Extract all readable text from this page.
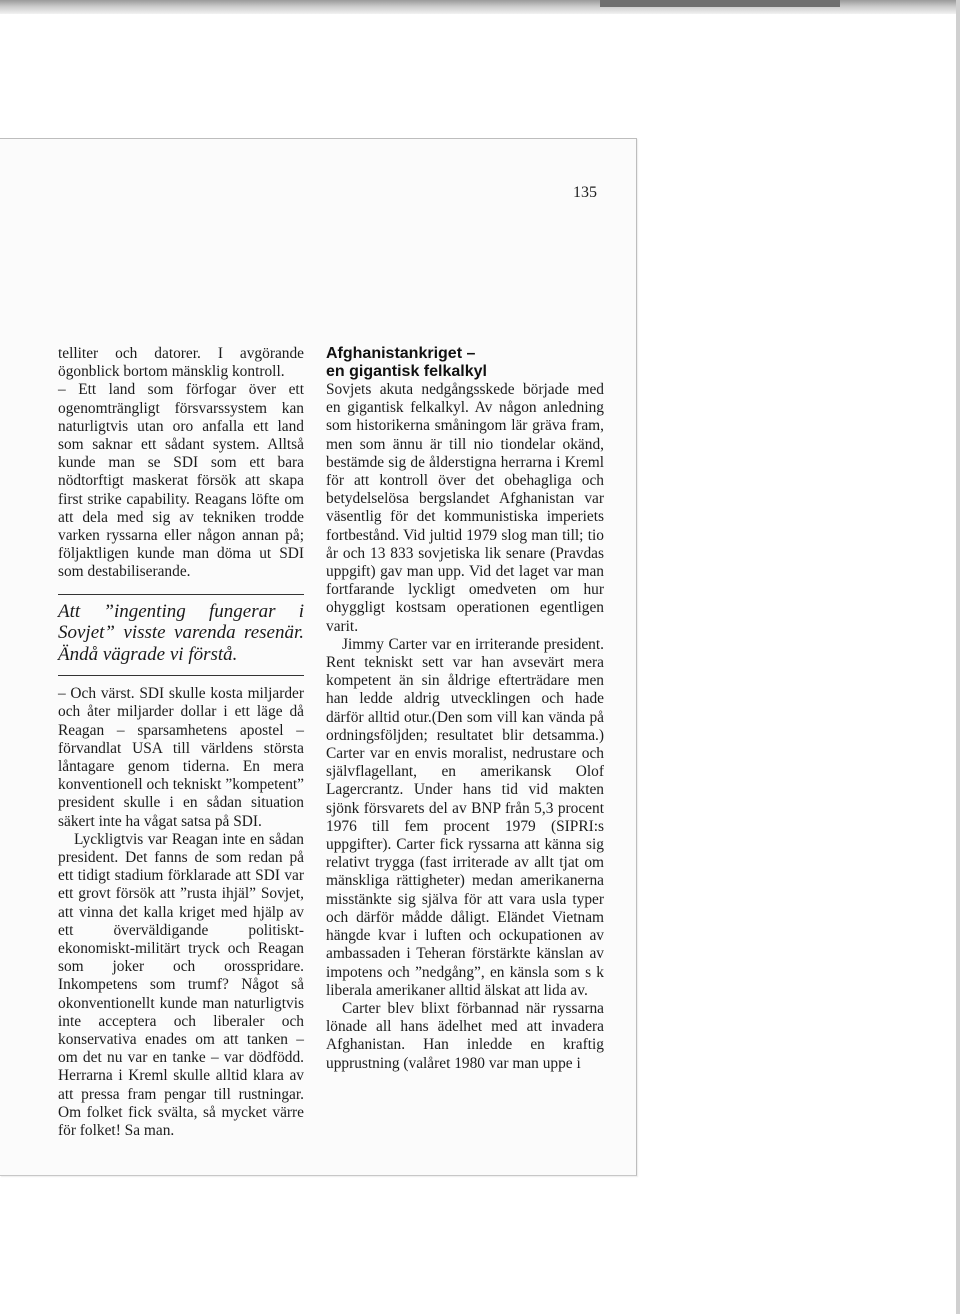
135

telliter och datorer. I avgörande ögonblick bortom mänsklig kontroll.

– Ett land som förfogar över ett ogenomträngligt försvarssystem kan naturligtvis utan oro anfalla ett land som saknar ett sådant system. Alltså kunde man se SDI som ett bara nödtorftigt maskerat försök att skapa first strike capability. Reagans löfte om att dela med sig av tekniken trodde varken ryssarna eller någon annan på; följaktligen kunde man döma ut SDI som destabiliserande.

Att ”ingenting fungerar i Sovjet” visste varenda resenär. Ändå vägrade vi förstå.

– Och värst. SDI skulle kosta miljarder och åter miljarder dollar i ett läge då Reagan – sparsamhetens apostel – förvandlat USA till världens största låntagare genom tiderna. En mera konventionell och tekniskt ”kompetent” president skulle i en sådan situation säkert inte ha vågat satsa på SDI.

Lyckligtvis var Reagan inte en sådan president. Det fanns de som redan på ett tidigt stadium förklarade att SDI var ett grovt försök att ”rusta ihjäl” Sovjet, att vinna det kalla kriget med hjälp av ett överväldigande politiskt-ekonomiskt-militärt tryck och Reagan som joker och orosspridare. Inkompetens som trumf? Något så okonventionellt kunde man naturligtvis inte acceptera och liberaler och konservativa enades om att tanken – om det nu var en tanke – var dödfödd. Herrarna i Kreml skulle alltid klara av att pressa fram pengar till rustningar. Om folket fick svälta, så mycket värre för folket! Sa man.

Afghanistankriget –

en gigantisk felkalkyl

Sovjets akuta nedgångsskede började med en gigantisk felkalkyl. Av någon anledning som historikerna småningom lär gräva fram, men som ännu är till nio tiondelar okänd, bestämde sig de ålderstigna herrarna i Kreml för att kontroll över det obehagliga och betydelselösa bergslandet Afghanistan var väsentlig för det kommunistiska imperiets fortbestånd. Vid jultid 1979 slog man till; tio år och 13 833 sovjetiska lik senare (Pravdas uppgift) gav man upp. Vid det laget var man fortfarande lyckligt omedveten om hur ohyggligt kostsam operationen egentligen varit.

Jimmy Carter var en irriterande president. Rent tekniskt sett var han avsevärt mera kompetent än sin åldrige efterträdare men han ledde aldrig utvecklingen och hade därför alltid otur.(Den som vill kan vända på ordningsföljden; resultatet blir detsamma.) Carter var en envis moralist, nedrustare och självflagellant, en amerikansk Olof Lagercrantz. Under hans tid vid makten sjönk försvarets del av BNP från 5,3 procent 1976 till fem procent 1979 (SIPRI:s uppgifter). Carter fick ryssarna att känna sig relativt trygga (fast irriterade av allt tjat om mänskliga rättigheter) medan amerikanerna misstänkte sig själva för att vara usla typer och därför mådde dåligt. Eländet Vietnam hängde kvar i luften och ockupationen av ambassaden i Teheran förstärkte känslan av impotens och ”nedgång”, en känsla som s k liberala amerikaner alltid älskat att lida av.

Carter blev blixt förbannad när ryssarna lönade all hans ädelhet med att invadera Afghanistan. Han inledde en kraftig upprustning (valåret 1980 var man uppe i
